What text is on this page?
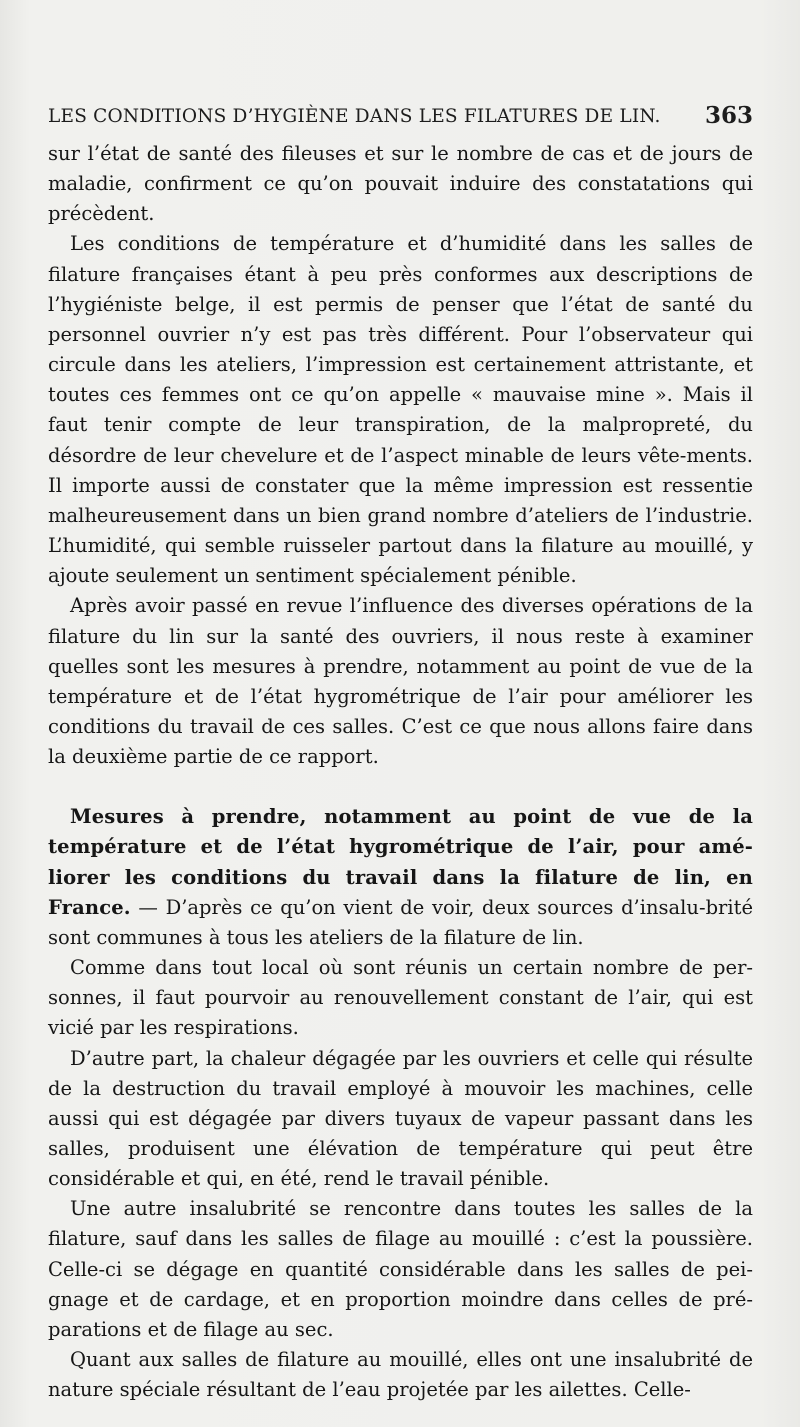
LES CONDITIONS D’HYGIÈNE DANS LES FILATURES DE LIN. 363

sur l’état de santé des fileuses et sur le nombre de cas et de jours de maladie, confirment ce qu’on pouvait induire des constatations qui précèdent.

Les conditions de température et d’humidité dans les salles de filature françaises étant à peu près conformes aux descriptions de l’hygiéniste belge, il est permis de penser que l’état de santé du personnel ouvrier n’y est pas très différent. Pour l’observateur qui circule dans les ateliers, l’impression est certainement attristante, et toutes ces femmes ont ce qu’on appelle « mauvaise mine ». Mais il faut tenir compte de leur transpiration, de la malpropreté, du désordre de leur chevelure et de l’aspect minable de leurs vête-ments. Il importe aussi de constater que la même impression est ressentie malheureusement dans un bien grand nombre d’ateliers de l’industrie. L’humidité, qui semble ruisseler partout dans la filature au mouillé, y ajoute seulement un sentiment spécialement pénible.

Après avoir passé en revue l’influence des diverses opérations de la filature du lin sur la santé des ouvriers, il nous reste à examiner quelles sont les mesures à prendre, notamment au point de vue de la température et de l’état hygrométrique de l’air pour améliorer les conditions du travail de ces salles. C’est ce que nous allons faire dans la deuxième partie de ce rapport.

Mesures à prendre, notamment au point de vue de la température et de l’état hygrométrique de l’air, pour amé-liorer les conditions du travail dans la filature de lin, en France. — D’après ce qu’on vient de voir, deux sources d’insalu-brité sont communes à tous les ateliers de la filature de lin.

Comme dans tout local où sont réunis un certain nombre de per-sonnes, il faut pourvoir au renouvellement constant de l’air, qui est vicié par les respirations.

D’autre part, la chaleur dégagée par les ouvriers et celle qui résulte de la destruction du travail employé à mouvoir les machines, celle aussi qui est dégagée par divers tuyaux de vapeur passant dans les salles, produisent une élévation de température qui peut être considérable et qui, en été, rend le travail pénible.

Une autre insalubrité se rencontre dans toutes les salles de la filature, sauf dans les salles de filage au mouillé : c’est la poussière. Celle-ci se dégage en quantité considérable dans les salles de pei-gnage et de cardage, et en proportion moindre dans celles de pré-parations et de filage au sec.

Quant aux salles de filature au mouillé, elles ont une insalubrité de nature spéciale résultant de l’eau projetée par les ailettes. Celle-
